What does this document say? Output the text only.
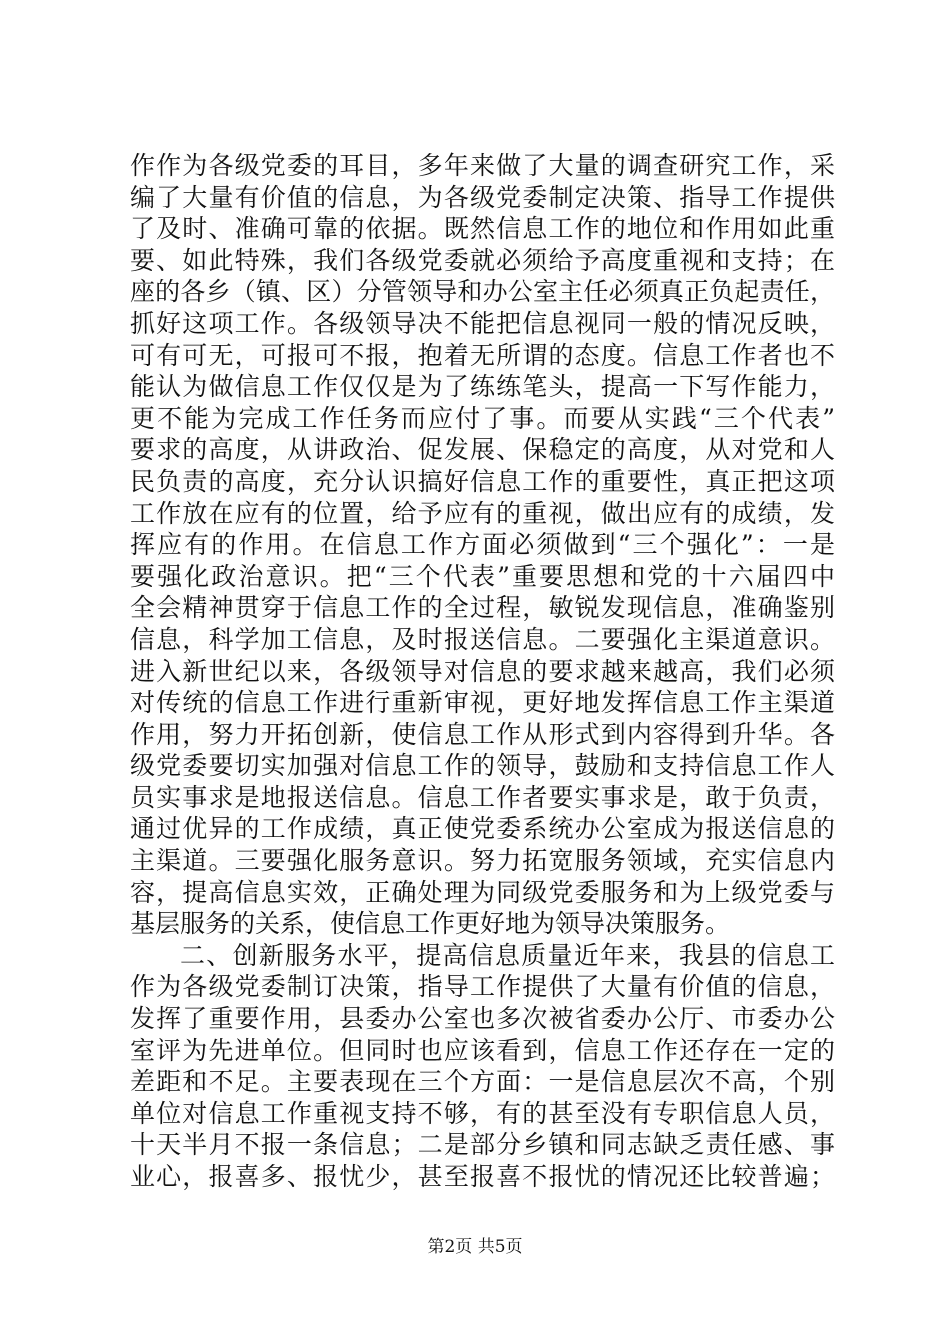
作作为各级党委的耳目，多年来做了大量的调查研究工作，采
编了大量有价值的信息，为各级党委制定决策、指导工作提供
了及时、准确可靠的依据。既然信息工作的地位和作用如此重
要、如此特殊，我们各级党委就必须给予高度重视和支持；在
座的各乡（镇、区）分管领导和办公室主任必须真正负起责任，
抓好这项工作。各级领导决不能把信息视同一般的情况反映，
可有可无，可报可不报，抱着无所谓的态度。信息工作者也不
能认为做信息工作仅仅是为了练练笔头，提高一下写作能力，
更不能为完成工作任务而应付了事。而要从实践“三个代表”
要求的高度，从讲政治、促发展、保稳定的高度，从对党和人
民负责的高度，充分认识搞好信息工作的重要性，真正把这项
工作放在应有的位置，给予应有的重视，做出应有的成绩，发
挥应有的作用。在信息工作方面必须做到“三个强化”：一是
要强化政治意识。把“三个代表”重要思想和党的十六届四中
全会精神贯穿于信息工作的全过程，敏锐发现信息，准确鉴别
信息，科学加工信息，及时报送信息。二要强化主渠道意识。
进入新世纪以来，各级领导对信息的要求越来越高，我们必须
对传统的信息工作进行重新审视，更好地发挥信息工作主渠道
作用，努力开拓创新，使信息工作从形式到内容得到升华。各
级党委要切实加强对信息工作的领导，鼓励和支持信息工作人
员实事求是地报送信息。信息工作者要实事求是，敢于负责，
通过优异的工作成绩，真正使党委系统办公室成为报送信息的
主渠道。三要强化服务意识。努力拓宽服务领域，充实信息内
容，提高信息实效，正确处理为同级党委服务和为上级党委与
基层服务的关系，使信息工作更好地为领导决策服务。
二、创新服务水平，提高信息质量近年来，我县的信息工
作为各级党委制订决策，指导工作提供了大量有价值的信息，
发挥了重要作用，县委办公室也多次被省委办公厅、市委办公
室评为先进单位。但同时也应该看到，信息工作还存在一定的
差距和不足。主要表现在三个方面：一是信息层次不高，个别
单位对信息工作重视支持不够，有的甚至没有专职信息人员，
十天半月不报一条信息；二是部分乡镇和同志缺乏责任感、事
业心，报喜多、报忧少，甚至报喜不报忧的情况还比较普遍；
第2页 共5页
